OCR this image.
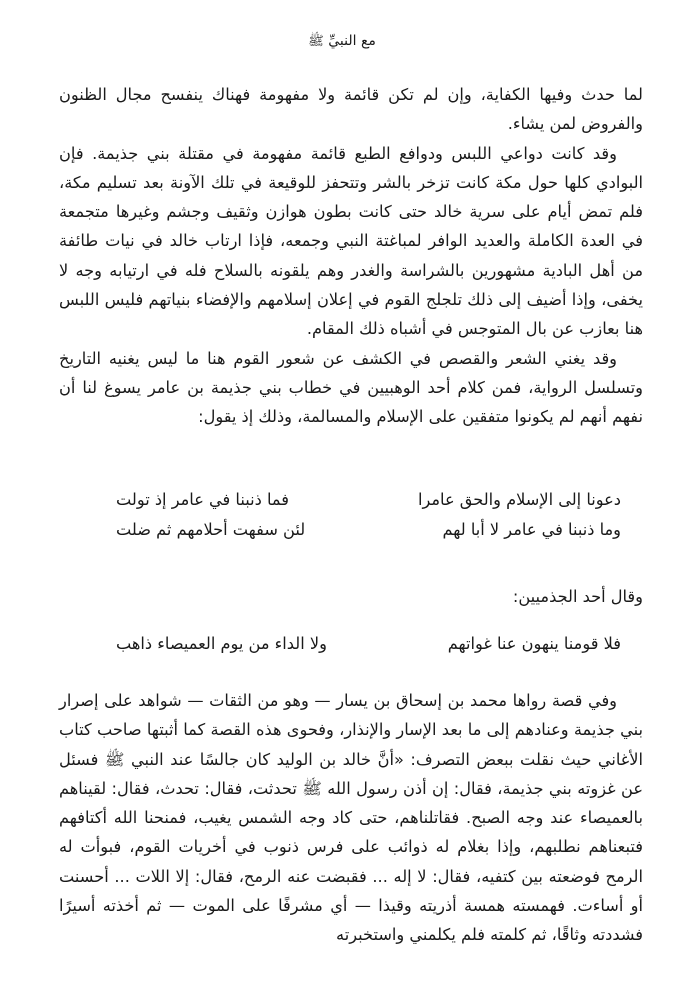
مع النبيِّ ﷺ

لما حدث وفيها الكفاية، وإن لم تكن قائمة ولا مفهومة فهناك ينفسح مجال الظنون والفروض لمن يشاء.

وقد كانت دواعي اللبس ودوافع الطبع قائمة مفهومة في مقتلة بني جذيمة. فإن البوادي كلها حول مكة كانت تزخر بالشر وتتحفز للوقيعة في تلك الآونة بعد تسليم مكة، فلم تمض أيام على سرية خالد حتى كانت بطون هوازن وثقيف وجشم وغيرها متجمعة في العدة الكاملة والعديد الوافر لمباغتة النبي وجمعه، فإذا ارتاب خالد في نيات طائفة من أهل البادية مشهورين بالشراسة والغدر وهم يلقونه بالسلاح فله في ارتيابه وجه لا يخفى، وإذا أضيف إلى ذلك تلجلج القوم في إعلان إسلامهم والإفضاء بنياتهم فليس اللبس هنا بعازب عن بال المتوجس في أشباه ذلك المقام.

وقد يغني الشعر والقصص في الكشف عن شعور القوم هنا ما ليس يغنيه التاريخ وتسلسل الرواية، فمن كلام أحد الوهبيين في خطاب بني جذيمة بن عامر يسوغ لنا أن نفهم أنهم لم يكونوا متفقين على الإسلام والمسالمة، وذلك إذ يقول:

دعونا إلى الإسلام والحق عامرا
فما ذنبنا في عامر إذ تولت
وما ذنبنا في عامر لا أبا لهم
لئن سفهت أحلامهم ثم ضلت
وقال أحد الجذميين:
فلا قومنا ينهون عنا غواتهم
ولا الداء من يوم العميصاء ذاهب

وفي قصة رواها محمد بن إسحاق بن يسار — وهو من الثقات — شواهد على إصرار بني جذيمة وعنادهم إلى ما بعد الإسار والإنذار، وفحوى هذه القصة كما أثبتها صاحب كتاب الأغاني حيث نقلت ببعض التصرف: «أنَّ خالد بن الوليد كان جالسًا عند النبي ﷺ فسئل عن غزوته بني جذيمة، فقال: إن أذن رسول الله ﷺ تحدثت، فقال: تحدث، فقال: لقيناهم بالعميصاء عند وجه الصبح. فقاتلناهم، حتى كاد وجه الشمس يغيب، فمنحنا الله أكتافهم فتبعناهم نطلبهم، وإذا بغلام له ذوائب على فرس ذنوب في أخريات القوم، فبوأت له الرمح فوضعته بين كتفيه، فقال: لا إله ... فقبضت عنه الرمح، فقال: إلا اللات ... أحسنت أو أساءت. فهمسته همسة أذريته وقيذا — أي مشرفًا على الموت — ثم أخذته أسيرًا فشددته وثاقًا، ثم كلمته فلم يكلمني واستخبرته
